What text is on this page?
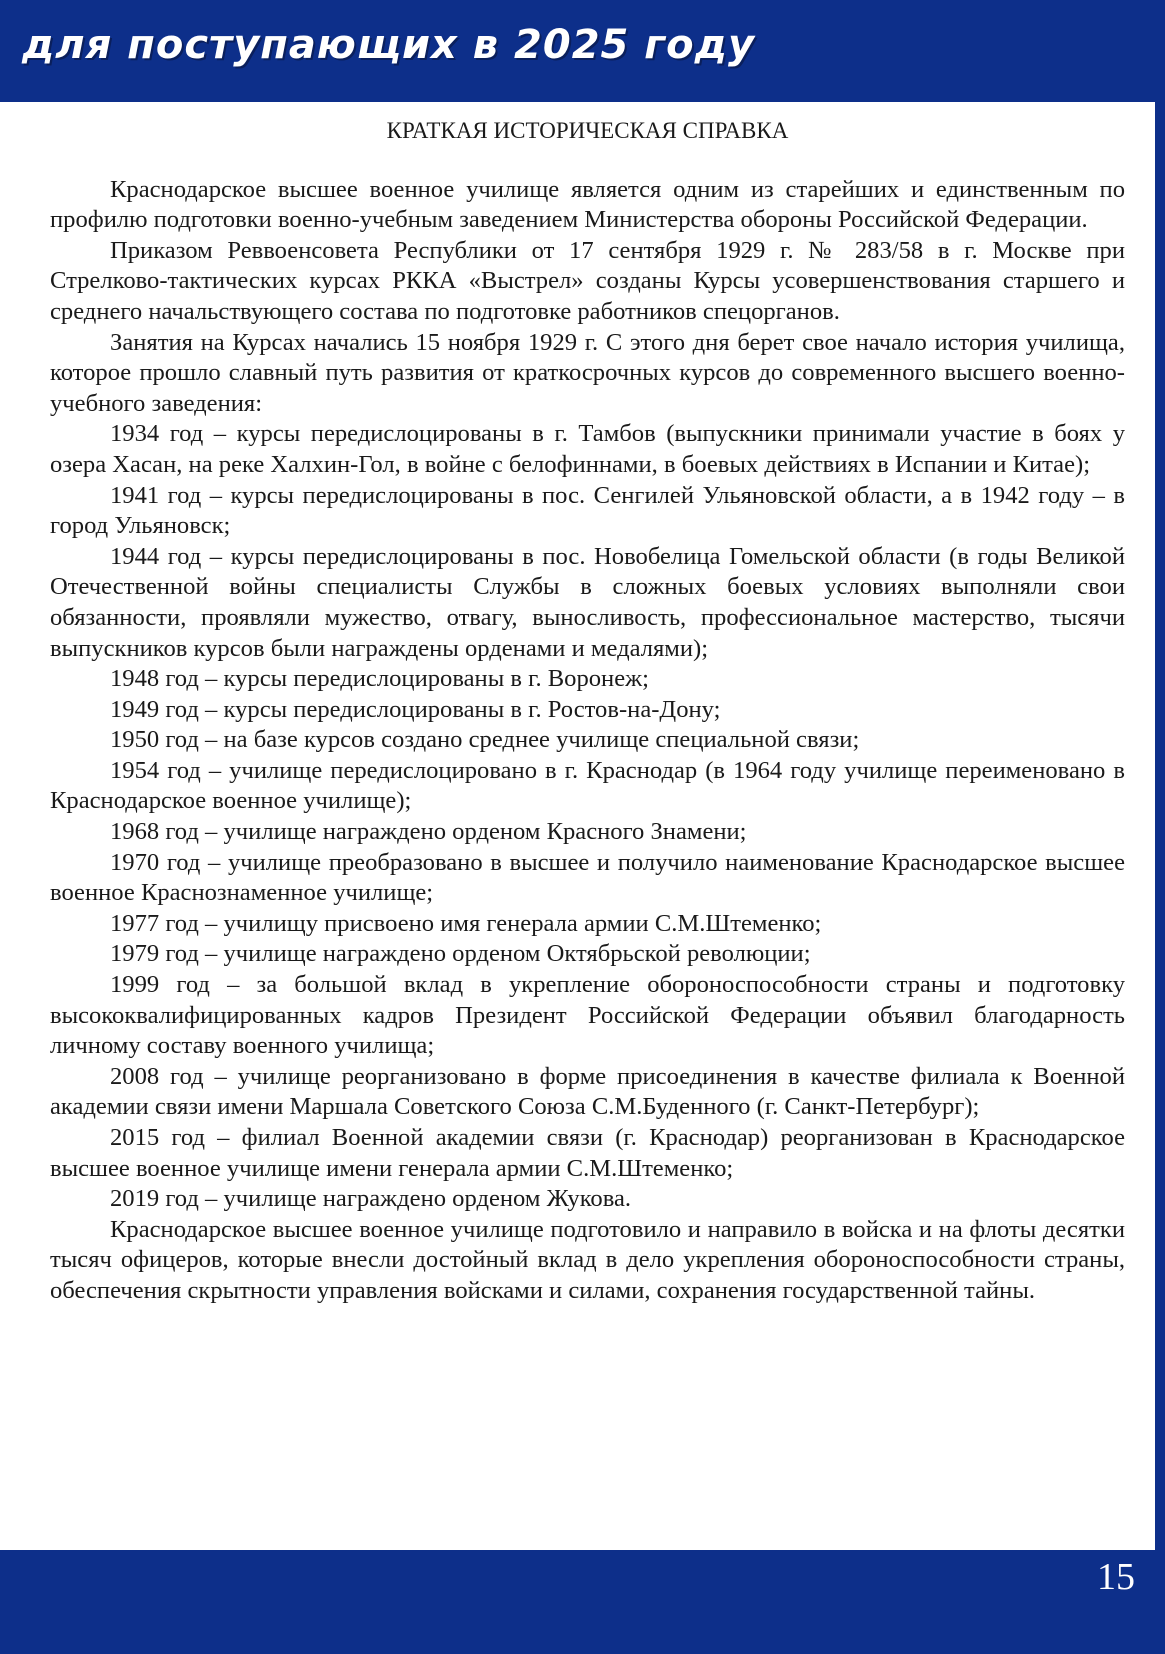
для поступающих в 2025 году
КРАТКАЯ ИСТОРИЧЕСКАЯ СПРАВКА

Краснодарское высшее военное училище является одним из старейших и единственным по профилю подготовки военно-учебным заведением Министерства обороны Российской Федерации.

Приказом Реввоенсовета Республики от 17 сентября 1929 г. № 283/58 в г. Москве при Стрелково-тактических курсах РККА «Выстрел» созданы Курсы усовершенствования старшего и среднего начальствующего состава по подготовке работников спецорганов.

Занятия на Курсах начались 15 ноября 1929 г. С этого дня берет свое начало история училища, которое прошло славный путь развития от краткосрочных курсов до современного высшего военно-учебного заведения:

1934 год – курсы передислоцированы в г. Тамбов (выпускники принимали участие в боях у озера Хасан, на реке Халхин-Гол, в войне с белофиннами, в боевых действиях в Испании и Китае);

1941 год – курсы передислоцированы в пос. Сенгилей Ульяновской области, а в 1942 году – в город Ульяновск;

1944 год – курсы передислоцированы в пос. Новобелица Гомельской области (в годы Великой Отечественной войны специалисты Службы в сложных боевых условиях выполняли свои обязанности, проявляли мужество, отвагу, выносливость, профессиональное мастерство, тысячи выпускников курсов были награждены орденами и медалями);

1948 год – курсы передислоцированы в г. Воронеж;

1949 год – курсы передислоцированы в г. Ростов-на-Дону;

1950 год – на базе курсов создано среднее училище специальной связи;

1954 год – училище передислоцировано в г. Краснодар (в 1964 году училище переименовано в Краснодарское военное училище);

1968 год – училище награждено орденом Красного Знамени;

1970 год – училище преобразовано в высшее и получило наименование Краснодарское высшее военное Краснознаменное училище;

1977 год – училищу присвоено имя генерала армии С.М.Штеменко;

1979 год – училище награждено орденом Октябрьской революции;

1999 год – за большой вклад в укрепление обороноспособности страны и подготовку высококвалифицированных кадров Президент Российской Федерации объявил благодарность личному составу военного училища;

2008 год – училище реорганизовано в форме присоединения в качестве филиала к Военной академии связи имени Маршала Советского Союза С.М.Буденного (г. Санкт-Петербург);

2015 год – филиал Военной академии связи (г. Краснодар) реорганизован в Краснодарское высшее военное училище имени генерала армии С.М.Штеменко;

2019 год – училище награждено орденом Жукова.

Краснодарское высшее военное училище подготовило и направило в войска и на флоты десятки тысяч офицеров, которые внесли достойный вклад в дело укрепления обороноспособности страны, обеспечения скрытности управления войсками и силами, сохранения государственной тайны.

15
